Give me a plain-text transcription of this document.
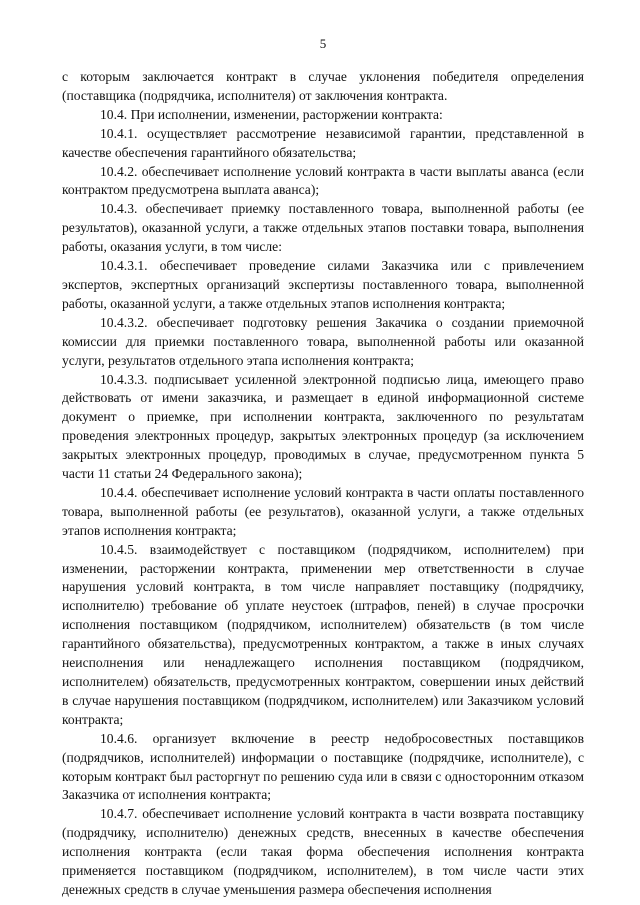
5

с которым заключается контракт в случае уклонения победителя определения (поставщика (подрядчика, исполнителя) от заключения контракта.

10.4. При исполнении, изменении, расторжении контракта:

10.4.1. осуществляет рассмотрение независимой гарантии, представленной в качестве обеспечения гарантийного обязательства;

10.4.2. обеспечивает исполнение условий контракта в части выплаты аванса (если контрактом предусмотрена выплата аванса);

10.4.3. обеспечивает приемку поставленного товара, выполненной работы (ее результатов), оказанной услуги, а также отдельных этапов поставки товара, выполнения работы, оказания услуги, в том числе:

10.4.3.1. обеспечивает проведение силами Заказчика или с привлечением экспертов, экспертных организаций экспертизы поставленного товара, выполненной работы, оказанной услуги, а также отдельных этапов исполнения контракта;

10.4.3.2. обеспечивает подготовку решения Закачика о создании приемочной комиссии для приемки поставленного товара, выполненной работы или оказанной услуги, результатов отдельного этапа исполнения контракта;

10.4.3.3. подписывает усиленной электронной подписью лица, имеющего право действовать от имени заказчика, и размещает в единой информационной системе документ о приемке, при исполнении контракта, заключенного по результатам проведения электронных процедур, закрытых электронных процедур (за исключением закрытых электронных процедур, проводимых в случае, предусмотренном пункта 5 части 11 статьи 24 Федерального закона);

10.4.4. обеспечивает исполнение условий контракта в части оплаты поставленного товара, выполненной работы (ее результатов), оказанной услуги, а также отдельных этапов исполнения контракта;

10.4.5. взаимодействует с поставщиком (подрядчиком, исполнителем) при изменении, расторжении контракта, применении мер ответственности в случае нарушения условий контракта, в том числе направляет поставщику (подрядчику, исполнителю) требование об уплате неустоек (штрафов, пеней) в случае просрочки исполнения поставщиком (подрядчиком, исполнителем) обязательств (в том числе гарантийного обязательства), предусмотренных контрактом, а также в иных случаях неисполнения или ненадлежащего исполнения поставщиком (подрядчиком, исполнителем) обязательств, предусмотренных контрактом, совершении иных действий в случае нарушения поставщиком (подрядчиком, исполнителем) или Заказчиком условий контракта;

10.4.6. организует включение в реестр недобросовестных поставщиков (подрядчиков, исполнителей) информации о поставщике (подрядчике, исполнителе), с которым контракт был расторгнут по решению суда или в связи с односторонним отказом Заказчика от исполнения контракта;

10.4.7. обеспечивает исполнение условий контракта в части возврата поставщику (подрядчику, исполнителю) денежных средств, внесенных в качестве обеспечения исполнения контракта (если такая форма обеспечения исполнения контракта применяется поставщиком (подрядчиком, исполнителем), в том числе части этих денежных средств в случае уменьшения размера обеспечения исполнения
